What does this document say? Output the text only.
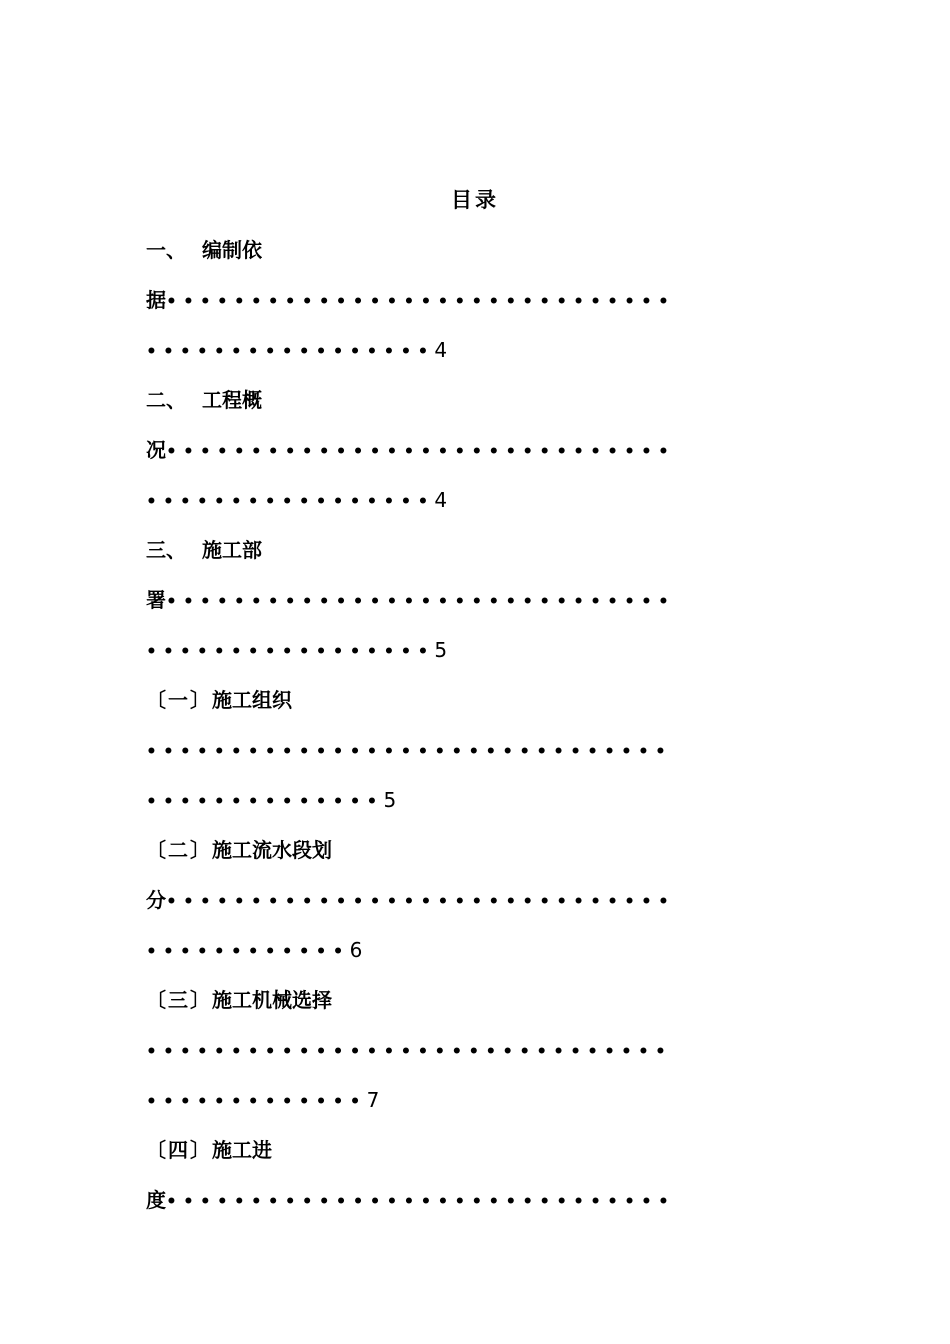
目录
一、 编制依
据••••••••••••••••••••••••••••••
•••••••••••••••••4
二、 工程概
况••••••••••••••••••••••••••••••
•••••••••••••••••4
三、 施工部
署••••••••••••••••••••••••••••••
•••••••••••••••••5
〔一〕施工组织
•••••••••••••••••••••••••••••••
••••••••••••••5
〔二〕施工流水段划
分••••••••••••••••••••••••••••••
••••••••••••6
〔三〕施工机械选择
•••••••••••••••••••••••••••••••
•••••••••••••7
〔四〕施工进
度••••••••••••••••••••••••••••••
